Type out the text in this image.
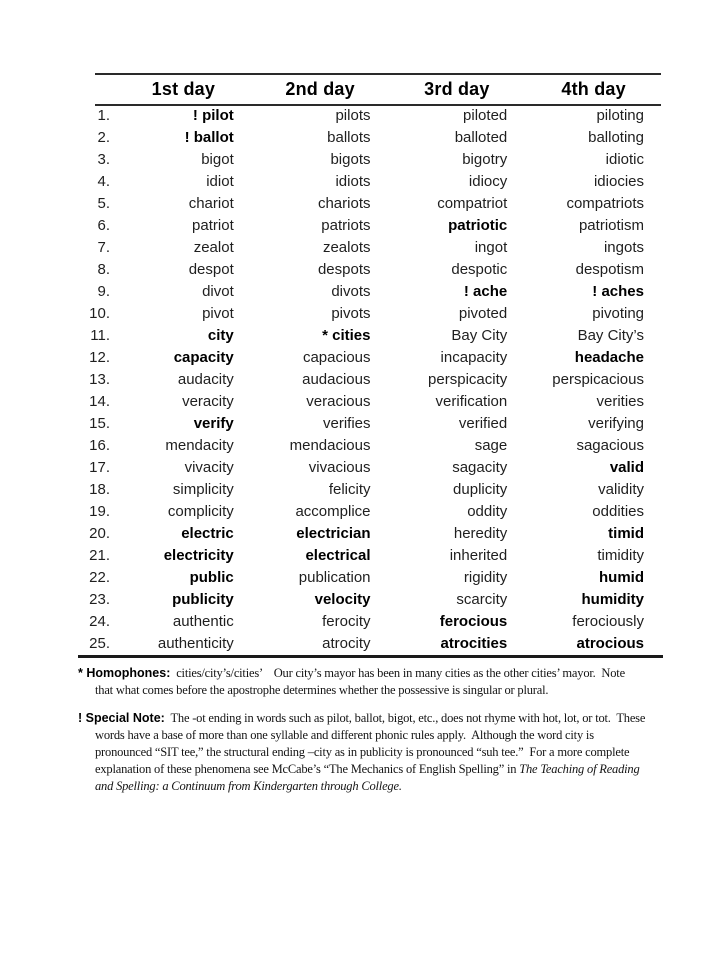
	1st day	2nd day	3rd day	4th day
1.	! pilot	pilots	piloted	piloting
2.	! ballot	ballots	balloted	balloting
3.	bigot	bigots	bigotry	idiotic
4.	idiot	idiots	idiocy	idiocies
5.	chariot	chariots	compatriot	compatriots
6.	patriot	patriots	patriotic	patriotism
7.	zealot	zealots	ingot	ingots
8.	despot	despots	despotic	despotism
9.	divot	divots	! ache	! aches
10.	pivot	pivots	pivoted	pivoting
11.	city	* cities	Bay City	Bay City’s
12.	capacity	capacious	incapacity	headache
13.	audacity	audacious	perspicacity	perspicacious
14.	veracity	veracious	verification	verities
15.	verify	verifies	verified	verifying
16.	mendacity	mendacious	sage	sagacious
17.	vivacity	vivacious	sagacity	valid
18.	simplicity	felicity	duplicity	validity
19.	complicity	accomplice	oddity	oddities
20.	electric	electrician	heredity	timid
21.	electricity	electrical	inherited	timidity
22.	public	publication	rigidity	humid
23.	publicity	velocity	scarcity	humidity
24.	authentic	ferocity	ferocious	ferociously
25.	authenticity	atrocity	atrocities	atrocious
* Homophones:  cities/city’s/cities’    Our city’s mayor has been in many cities as the other cities’ mayor.  Note
that what comes before the apostrophe determines whether the possessive is singular or plural.
! Special Note:  The -ot ending in words such as pilot, ballot, bigot, etc., does not rhyme with hot, lot, or tot.  These
words have a base of more than one syllable and different phonic rules apply.  Although the word city is
pronounced “SIT tee,” the structural ending –city as in publicity is pronounced “suh tee.”  For a more complete
explanation of these phenomena see McCabe’s “The Mechanics of English Spelling” in The Teaching of Reading
and Spelling: a Continuum from Kindergarten through College.
